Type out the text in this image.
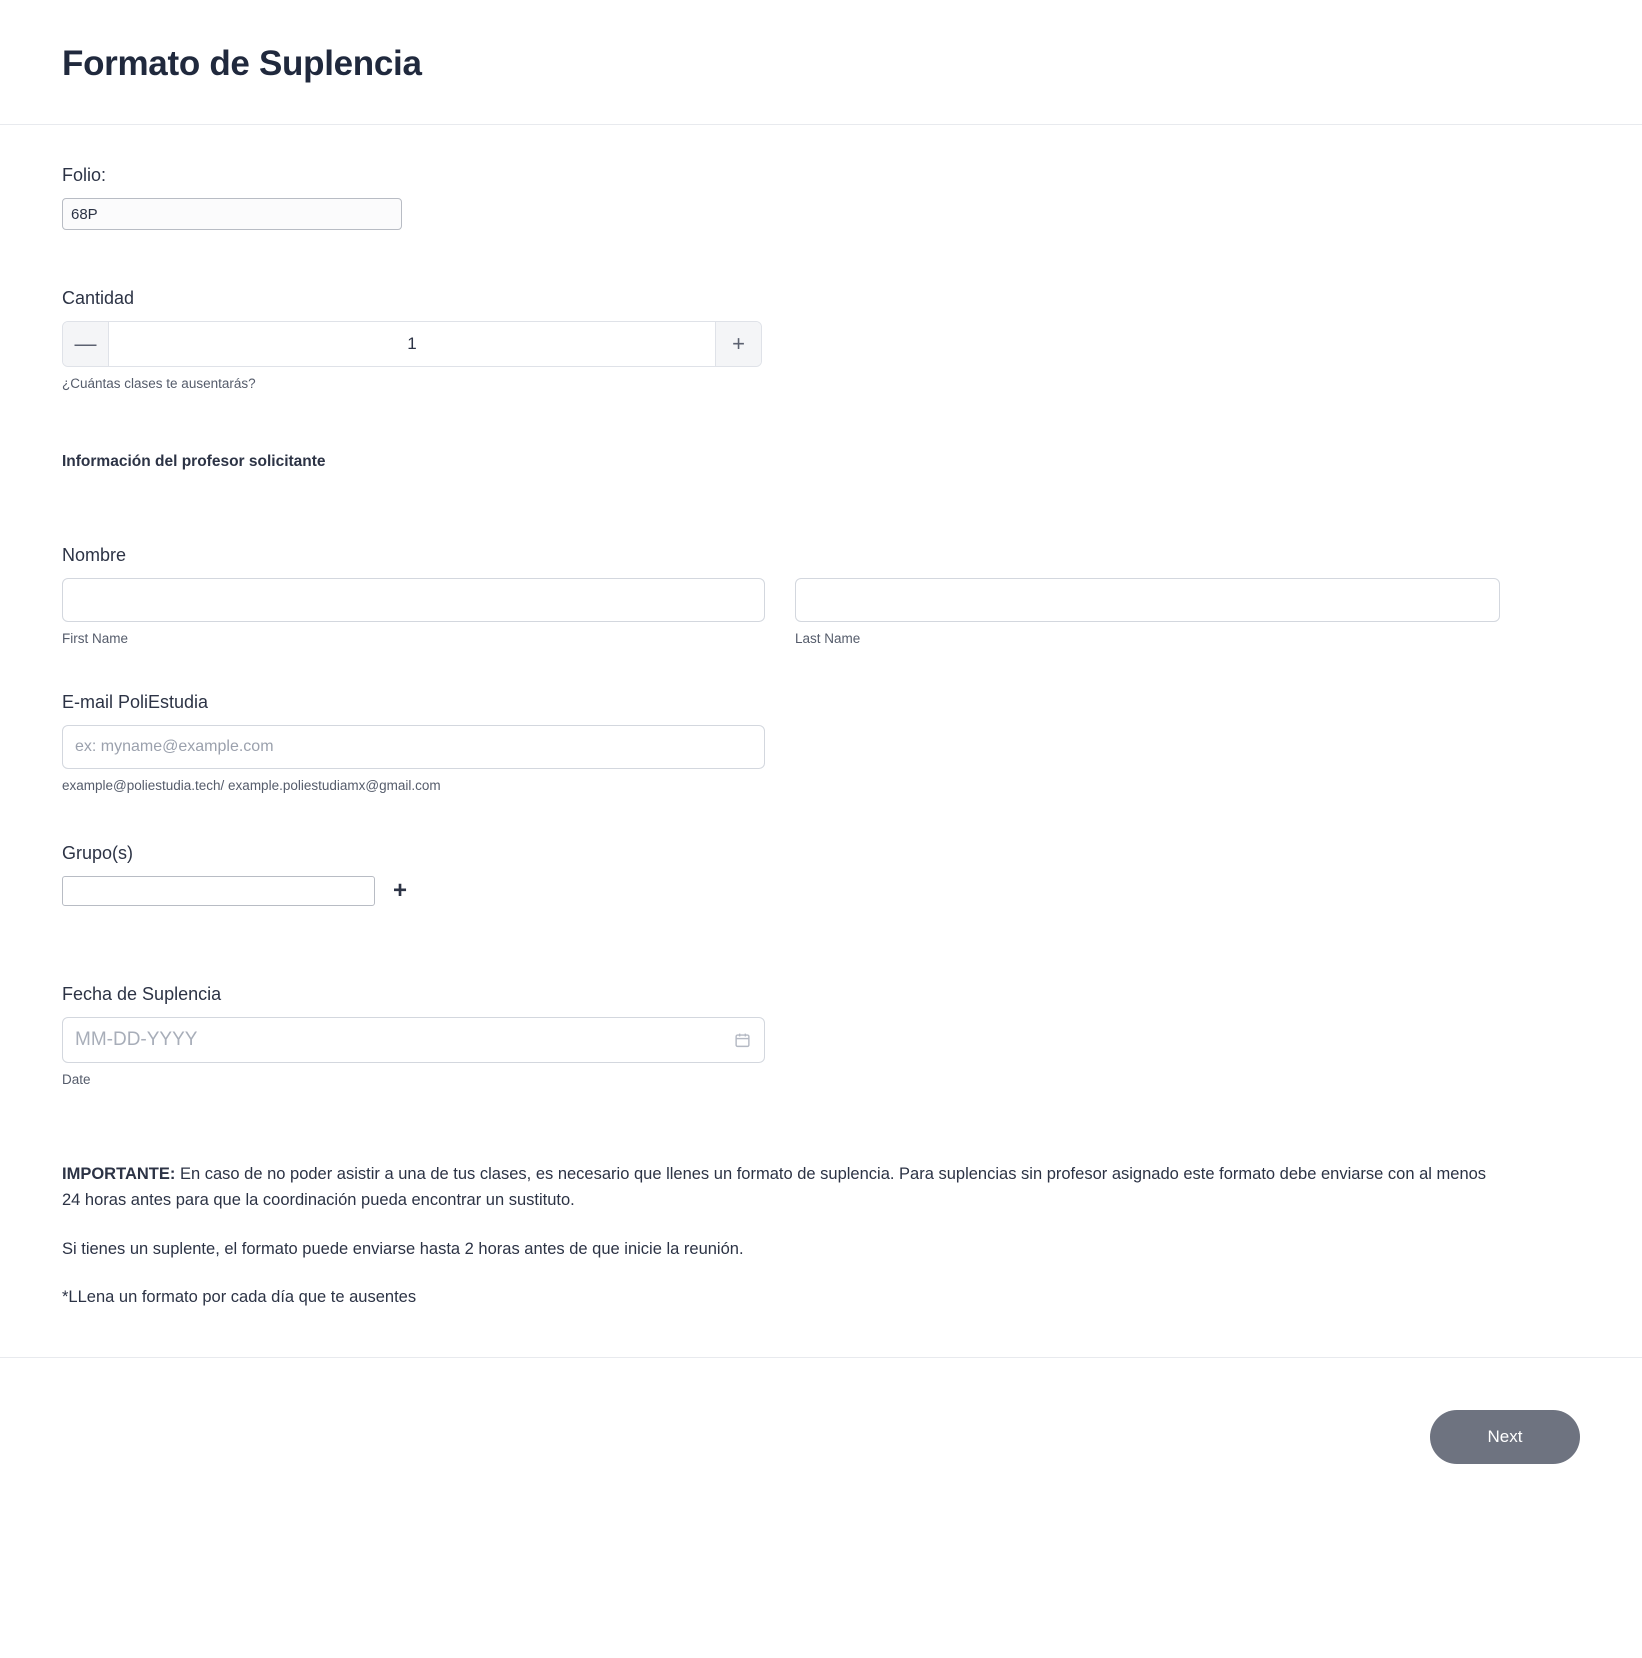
Formato de Suplencia
Folio:
68P
Cantidad
—
1	+
¿Cuántas clases te ausentarás?
Información del profesor solicitante
Nombre
First Name	Last Name
E-mail PoliEstudia
ex: myname@example.com
example@poliestudia.tech/ example.poliestudiamx@gmail.com
Grupo(s)
+
Fecha de Suplencia
MM-DD-YYYY
Date

IMPORTANTE: En caso de no poder asistir a una de tus clases, es necesario que llenes un formato de suplencia. Para suplencias sin profesor asignado este formato debe enviarse con al menos 24 horas antes para que la coordinación pueda encontrar un sustituto.

Si tienes un suplente, el formato puede enviarse hasta 2 horas antes de que inicie la reunión.

*LLena un formato por cada día que te ausentes

Next
